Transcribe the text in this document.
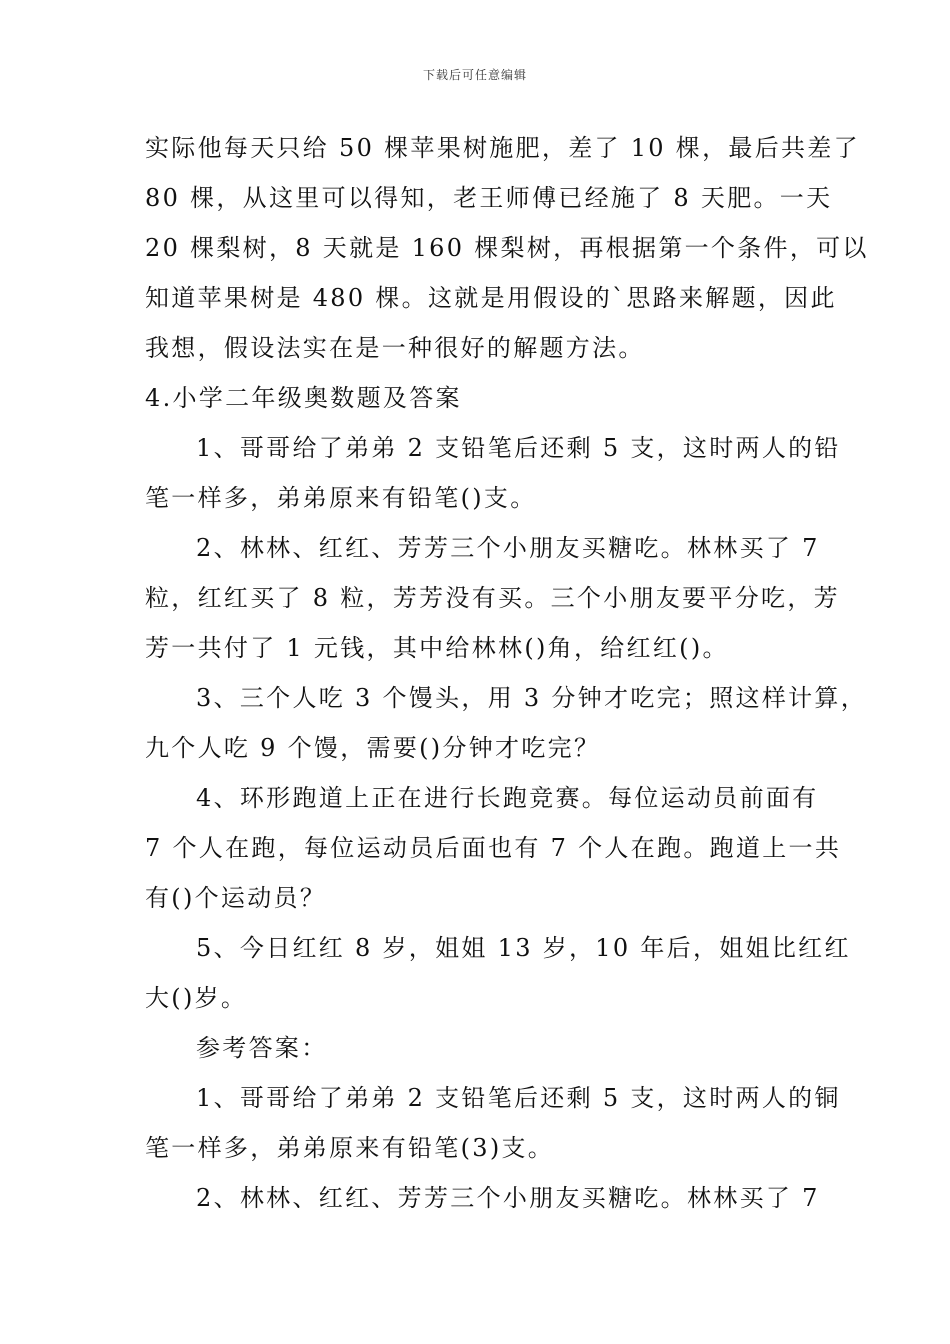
下载后可任意编辑
实际他每天只给 50 棵苹果树施肥，差了 10 棵，最后共差了
80 棵，从这里可以得知，老王师傅已经施了 8 天肥。一天
20 棵梨树，8 天就是 160 棵梨树，再根据第一个条件，可以
知道苹果树是 480 棵。这就是用假设的`思路来解题，因此
我想，假设法实在是一种很好的解题方法。
4.小学二年级奥数题及答案
1、哥哥给了弟弟 2 支铅笔后还剩 5 支，这时两人的铅
笔一样多，弟弟原来有铅笔()支。
2、林林、红红、芳芳三个小朋友买糖吃。林林买了 7
粒，红红买了 8 粒，芳芳没有买。三个小朋友要平分吃，芳
芳一共付了 1 元钱，其中给林林()角，给红红()。
3、三个人吃 3 个馒头，用 3 分钟才吃完；照这样计算，
九个人吃 9 个馒，需要()分钟才吃完？
4、环形跑道上正在进行长跑竞赛。每位运动员前面有
7 个人在跑，每位运动员后面也有 7 个人在跑。跑道上一共
有()个运动员？
5、今日红红 8 岁，姐姐 13 岁，10 年后，姐姐比红红
大()岁。
参考答案：
1、哥哥给了弟弟 2 支铅笔后还剩 5 支，这时两人的铜
笔一样多，弟弟原来有铅笔(3)支。
2、林林、红红、芳芳三个小朋友买糖吃。林林买了 7
